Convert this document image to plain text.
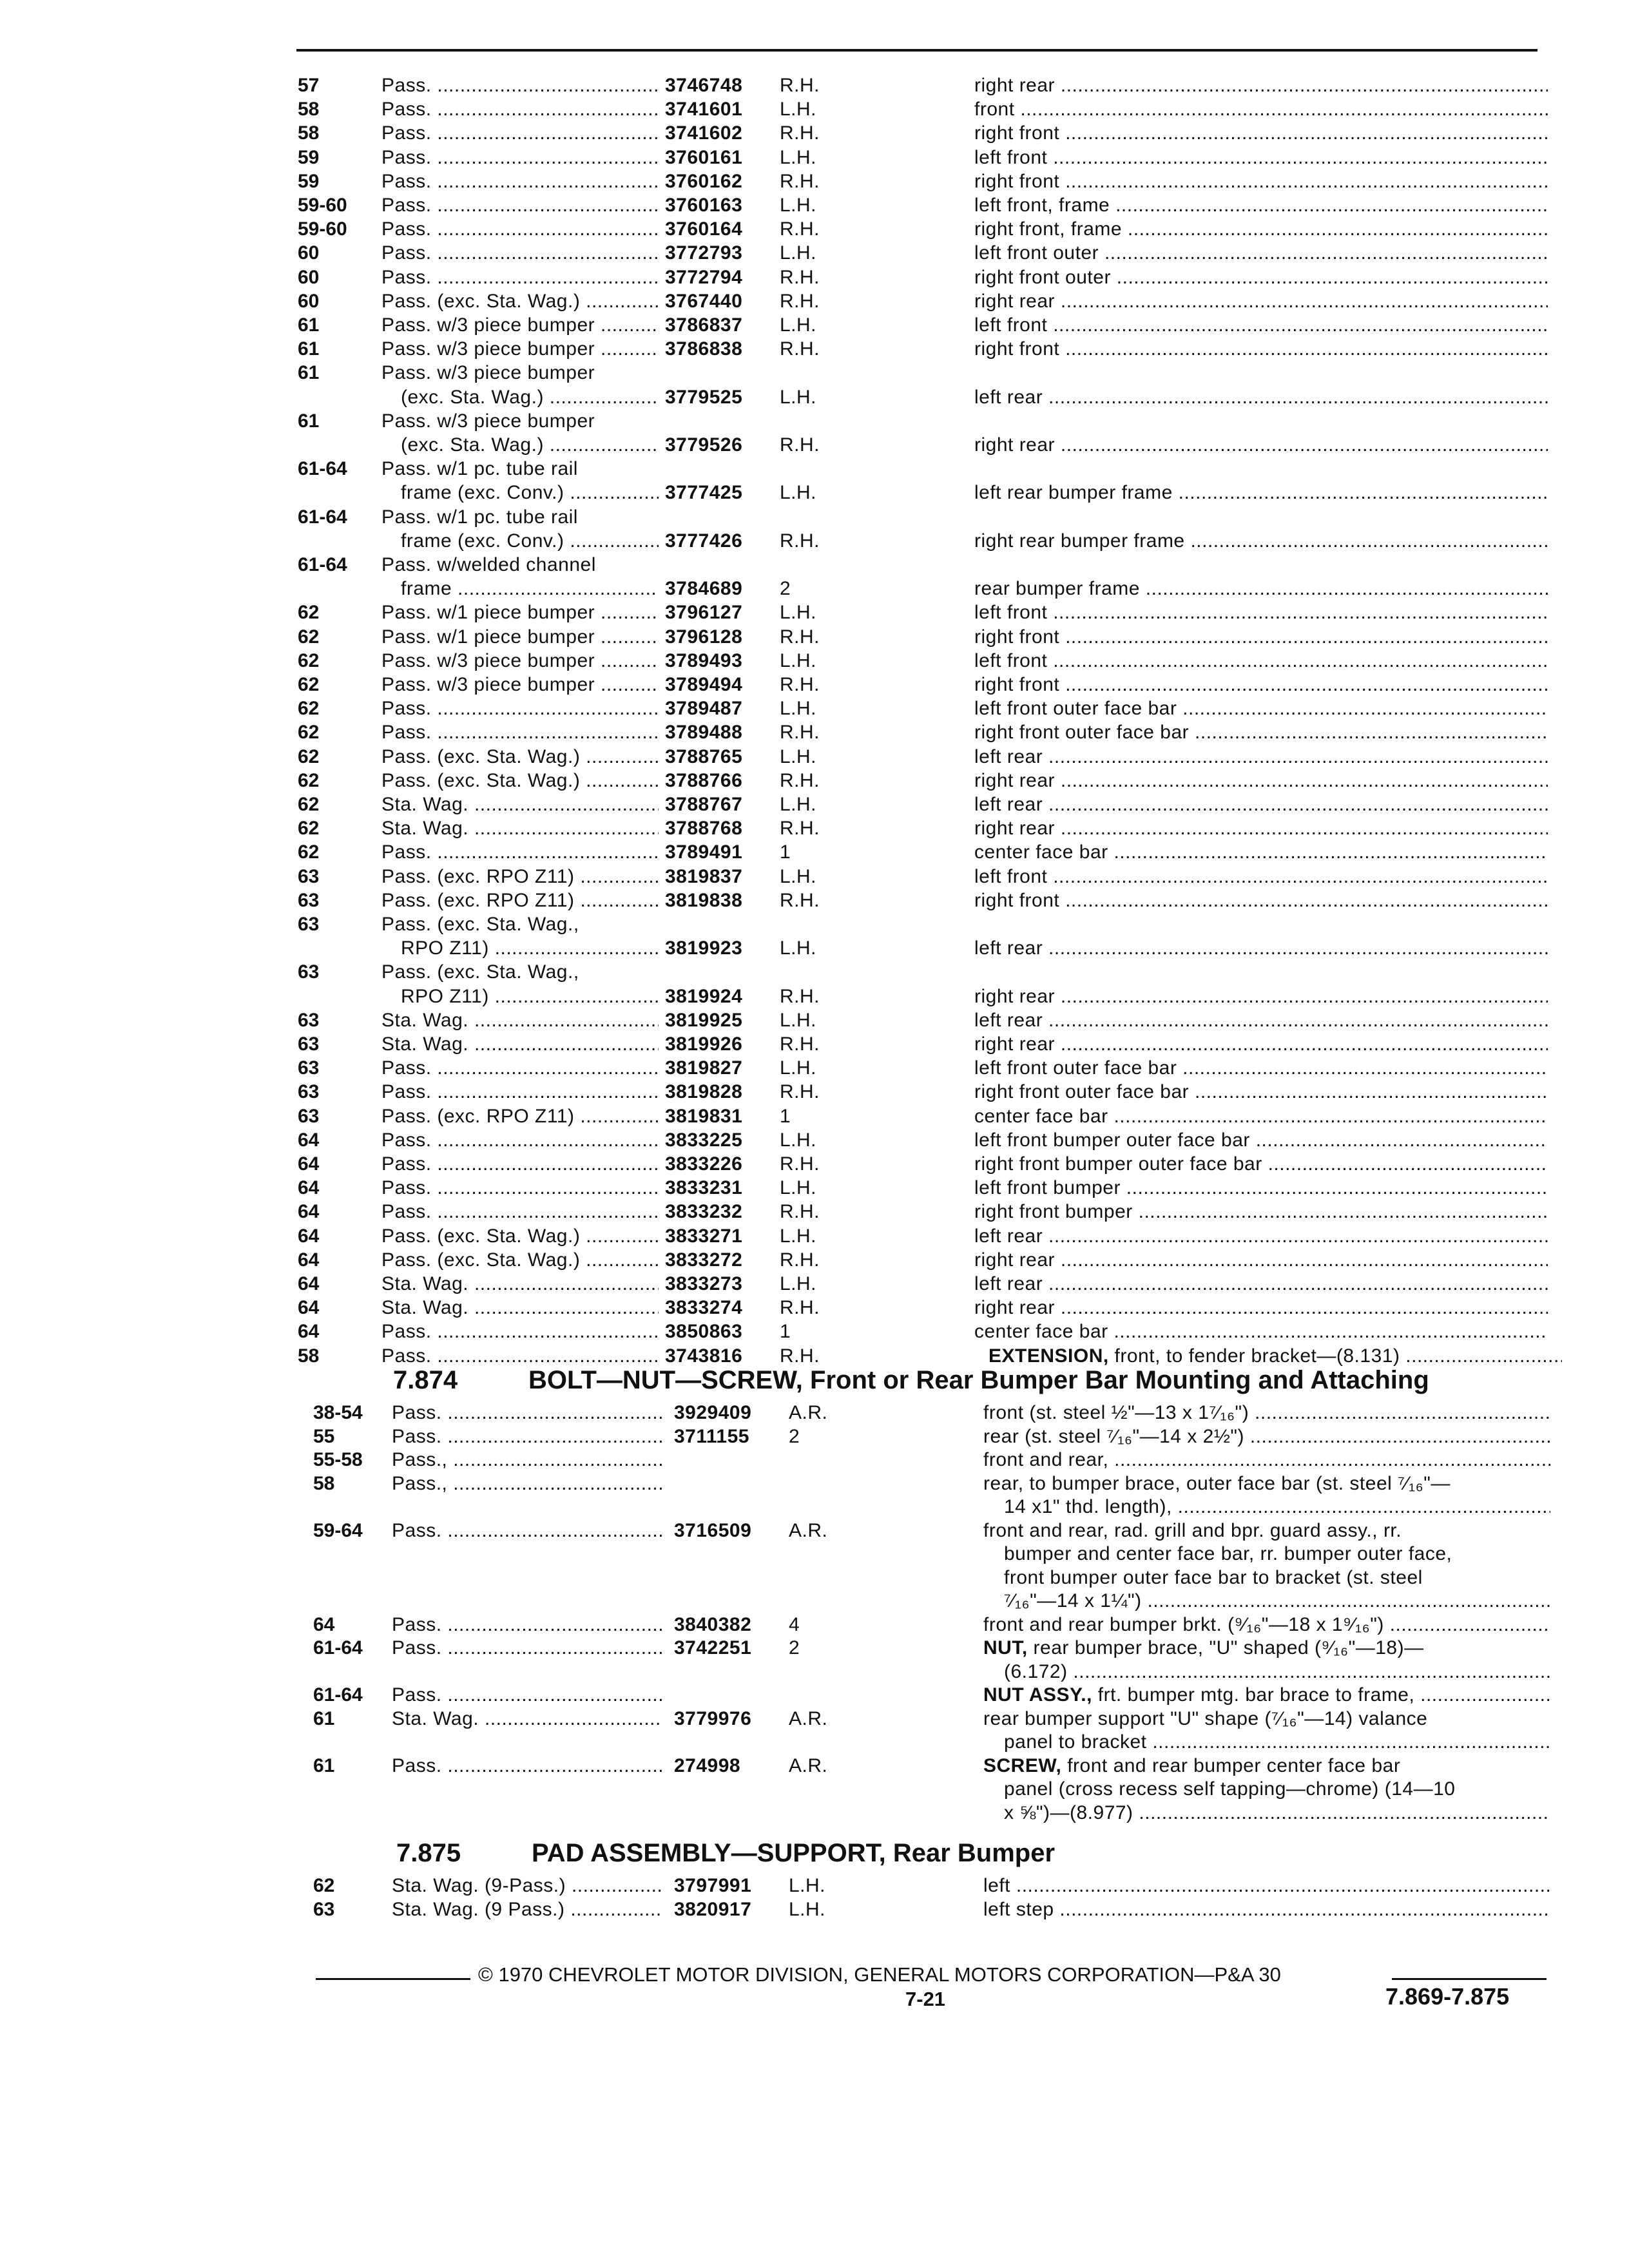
57	Pass. .....	3746748	R.H.	right rear .....
58	Pass. .....	3741601	L.H.	front .....
58	Pass. .....	3741602	R.H.	right front .....
59	Pass. .....	3760161	L.H.	left front .....
59	Pass. .....	3760162	R.H.	right front .....
59-60	Pass. .....	3760163	L.H.	left front, frame .....
59-60	Pass. .....	3760164	R.H.	right front, frame .....
60	Pass. .....	3772793	L.H.	left front outer .....
60	Pass. .....	3772794	R.H.	right front outer .....
60	Pass. (exc. Sta. Wag.) .....	3767440	R.H.	right rear .....
61	Pass. w/3 piece bumper .....	3786837	L.H.	left front .....
61	Pass. w/3 piece bumper .....	3786838	R.H.	right front .....
61	Pass. w/3 piece bumper
(exc. Sta. Wag.) .....	3779525	L.H.	left rear .....
61	Pass. w/3 piece bumper
(exc. Sta. Wag.) .....	3779526	R.H.	right rear .....
61-64	Pass. w/1 pc. tube rail
frame (exc. Conv.) .....	3777425	L.H.	left rear bumper frame .....
61-64	Pass. w/1 pc. tube rail
frame (exc. Conv.) .....	3777426	R.H.	right rear bumper frame .....
61-64	Pass. w/welded channel
frame .....	3784689	2	rear bumper frame .....
62	Pass. w/1 piece bumper .....	3796127	L.H.	left front .....
62	Pass. w/1 piece bumper .....	3796128	R.H.	right front .....
62	Pass. w/3 piece bumper .....	3789493	L.H.	left front .....
62	Pass. w/3 piece bumper .....	3789494	R.H.	right front .....
62	Pass. .....	3789487	L.H.	left front outer face bar .....
62	Pass. .....	3789488	R.H.	right front outer face bar .....
62	Pass. (exc. Sta. Wag.) .....	3788765	L.H.	left rear .....
62	Pass. (exc. Sta. Wag.) .....	3788766	R.H.	right rear .....
62	Sta. Wag. .....	3788767	L.H.	left rear .....
62	Sta. Wag. .....	3788768	R.H.	right rear .....
62	Pass. .....	3789491	1	center face bar .....
63	Pass. (exc. RPO Z11) .....	3819837	L.H.	left front .....
63	Pass. (exc. RPO Z11) .....	3819838	R.H.	right front .....
63	Pass. (exc. Sta. Wag.,
RPO Z11) .....	3819923	L.H.	left rear .....
63	Pass. (exc. Sta. Wag.,
RPO Z11) .....	3819924	R.H.	right rear .....
63	Sta. Wag. .....	3819925	L.H.	left rear .....
63	Sta. Wag. .....	3819926	R.H.	right rear .....
63	Pass. .....	3819827	L.H.	left front outer face bar .....
63	Pass. .....	3819828	R.H.	right front outer face bar .....
63	Pass. (exc. RPO Z11) .....	3819831	1	center face bar .....
64	Pass. .....	3833225	L.H.	left front bumper outer face bar .....
64	Pass. .....	3833226	R.H.	right front bumper outer face bar .....
64	Pass. .....	3833231	L.H.	left front bumper .....
64	Pass. .....	3833232	R.H.	right front bumper .....
64	Pass. (exc. Sta. Wag.) .....	3833271	L.H.	left rear .....
64	Pass. (exc. Sta. Wag.) .....	3833272	R.H.	right rear .....
64	Sta. Wag. .....	3833273	L.H.	left rear .....
64	Sta. Wag. .....	3833274	R.H.	right rear .....
64	Pass. .....	3850863	1	center face bar .....
58	Pass. .....	3743816	R.H.	EXTENSION, front, to fender bracket—(8.131) .....
7.874	BOLT—NUT—SCREW, Front or Rear Bumper Bar Mounting and Attaching
38-54	Pass. .....	3929409	A.R.	front (st. steel ½"—13 x 1⁷⁄₁₆") .....
55	Pass. .....	3711155	2	rear (st. steel ⁷⁄₁₆"—14 x 2½") .....
55-58	Pass., .....	front and rear, .....
58	Pass., .....	rear, to bumper brace, outer face bar (st. steel ⁷⁄₁₆"—
14 x1" thd. length), .....
59-64	Pass. .....	3716509	A.R.	front and rear, rad. grill and bpr. guard assy., rr.
bumper and center face bar, rr. bumper outer face,
front bumper outer face bar to bracket (st. steel
⁷⁄₁₆"—14 x 1¼") .....
64	Pass. .....	3840382	4	front and rear bumper brkt. (⁹⁄₁₆"—18 x 1⁹⁄₁₆") .....
61-64	Pass. .....	3742251	2	NUT, rear bumper brace, "U" shaped (⁹⁄₁₆"—18)—
(6.172) .....
61-64	Pass. .....	NUT ASSY., frt. bumper mtg. bar brace to frame, .....
61	Sta. Wag. .....	3779976	A.R.	rear bumper support "U" shape (⁷⁄₁₆"—14) valance
panel to bracket .....
61	Pass. .....	274998	A.R.	SCREW, front and rear bumper center face bar
panel (cross recess self tapping—chrome) (14—10
x ⅝")—(8.977) .....
7.875	PAD ASSEMBLY—SUPPORT, Rear Bumper
62	Sta. Wag. (9-Pass.) .....	3797991	L.H.	left .....
63	Sta. Wag. (9 Pass.) .....	3820917	L.H.	left step .....
© 1970 CHEVROLET MOTOR DIVISION, GENERAL MOTORS CORPORATION—P&A 30
7-21	7.869-7.875
